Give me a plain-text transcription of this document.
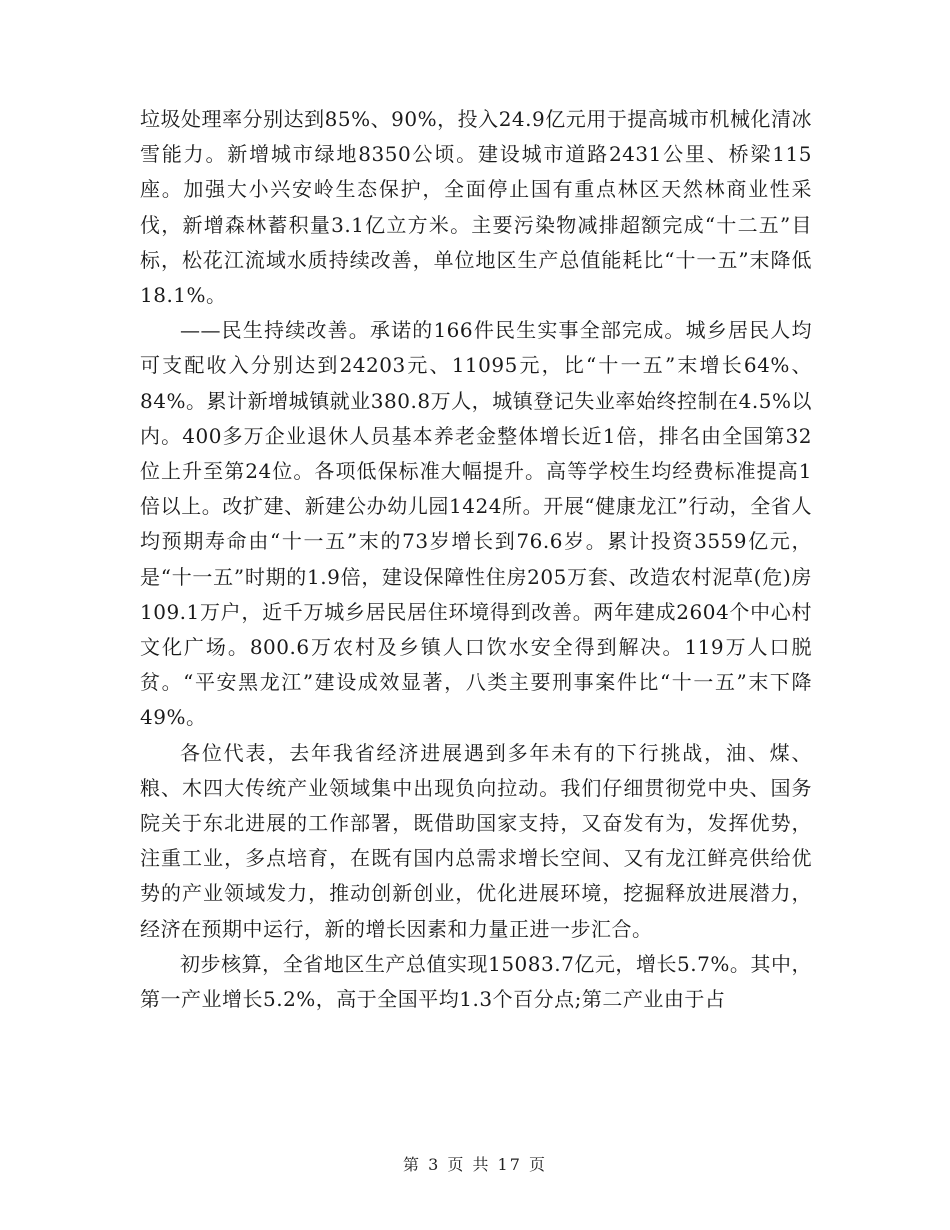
垃圾处理率分别达到85%、90%，投入24.9亿元用于提高城市机械化清冰雪能力。新增城市绿地8350公顷。建设城市道路2431公里、桥梁115座。加强大小兴安岭生态保护，全面停止国有重点林区天然林商业性采伐，新增森林蓄积量3.1亿立方米。主要污染物减排超额完成“十二五”目标，松花江流域水质持续改善，单位地区生产总值能耗比“十一五”末降低18.1%。

——民生持续改善。承诺的166件民生实事全部完成。城乡居民人均可支配收入分别达到24203元、11095元，比“十一五”末增长64%、84%。累计新增城镇就业380.8万人，城镇登记失业率始终控制在4.5%以内。400多万企业退休人员基本养老金整体增长近1倍，排名由全国第32位上升至第24位。各项低保标准大幅提升。高等学校生均经费标准提高1倍以上。改扩建、新建公办幼儿园1424所。开展“健康龙江”行动，全省人均预期寿命由“十一五”末的73岁增长到76.6岁。累计投资3559亿元，是“十一五”时期的1.9倍，建设保障性住房205万套、改造农村泥草(危)房109.1万户，近千万城乡居民居住环境得到改善。两年建成2604个中心村文化广场。800.6万农村及乡镇人口饮水安全得到解决。119万人口脱贫。“平安黑龙江”建设成效显著，八类主要刑事案件比“十一五”末下降49%。

各位代表，去年我省经济进展遇到多年未有的下行挑战，油、煤、粮、木四大传统产业领域集中出现负向拉动。我们仔细贯彻党中央、国务院关于东北进展的工作部署，既借助国家支持，又奋发有为，发挥优势，注重工业，多点培育，在既有国内总需求增长空间、又有龙江鲜亮供给优势的产业领域发力，推动创新创业，优化进展环境，挖掘释放进展潜力，经济在预期中运行，新的增长因素和力量正进一步汇合。

初步核算，全省地区生产总值实现15083.7亿元，增长5.7%。其中，第一产业增长5.2%，高于全国平均1.3个百分点;第二产业由于占

第 3 页 共 17 页
